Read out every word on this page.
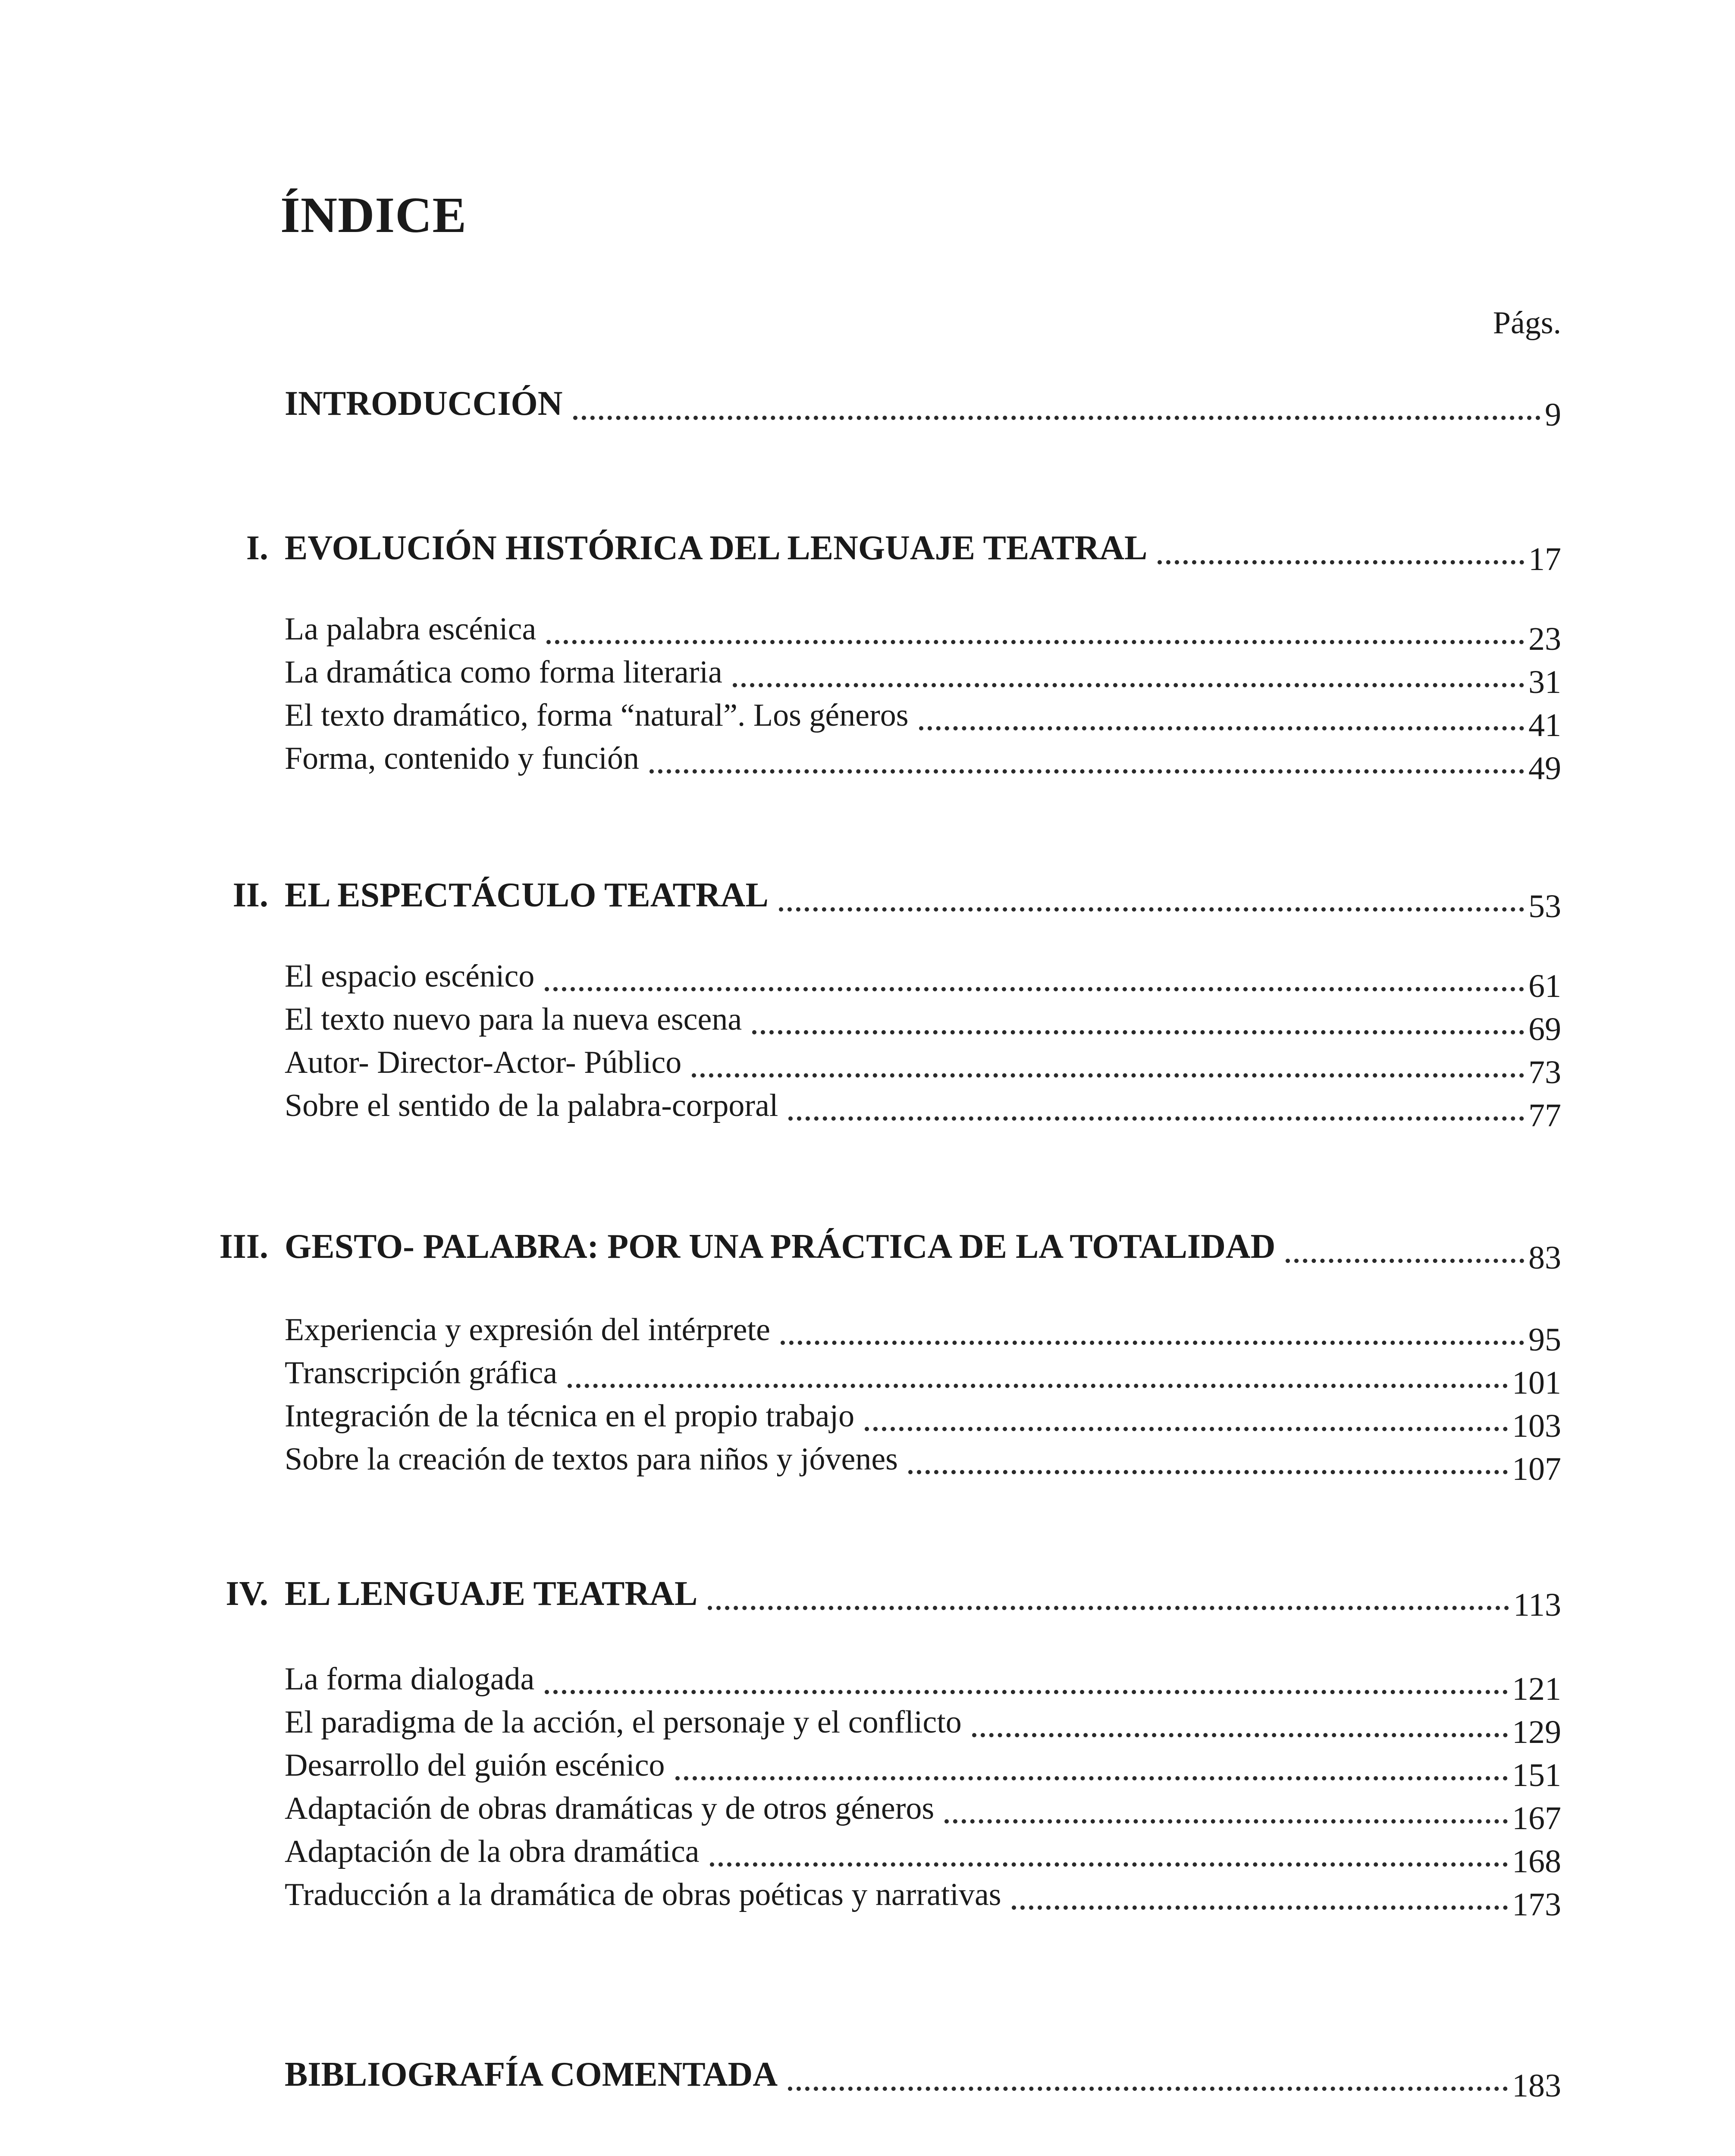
ÍNDICE
Págs.
INTRODUCCIÓN	9
I. EVOLUCIÓN HISTÓRICA DEL LENGUAJE TEATRAL	17
La palabra escénica	23
La dramática como forma literaria	31
El texto dramático, forma “natural”. Los géneros	41
Forma, contenido y función	49
II. EL ESPECTÁCULO TEATRAL	53
El espacio escénico	61
El texto nuevo para la nueva escena	69
Autor- Director-Actor- Público	73
Sobre el sentido de la palabra-corporal	77
III. GESTO- PALABRA: POR UNA PRÁCTICA DE LA TOTALIDAD	83
Experiencia y expresión del intérprete	95
Transcripción gráfica	101
Integración de la técnica en el propio trabajo	103
Sobre la creación de textos para niños y jóvenes	107
IV. EL LENGUAJE TEATRAL	113
La forma dialogada	121
El paradigma de la acción, el personaje y el conflicto	129
Desarrollo del guión escénico	151
Adaptación de obras dramáticas y de otros géneros	167
Adaptación de la obra dramática	168
Traducción a la dramática de obras poéticas y narrativas	173
BIBLIOGRAFÍA COMENTADA	183
